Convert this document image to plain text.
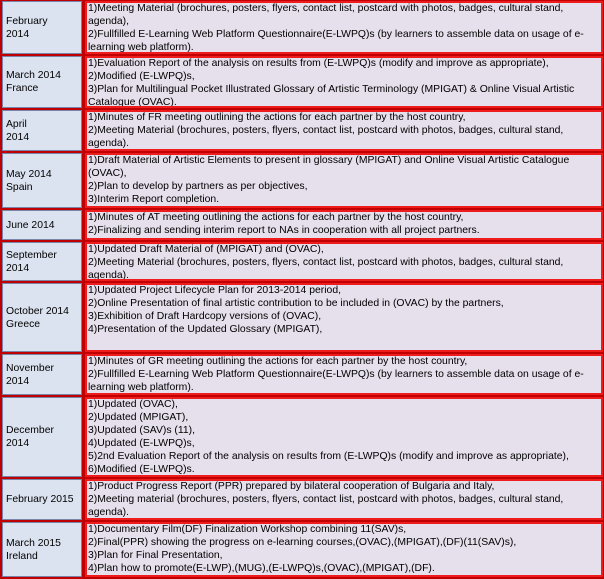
February
2014
1)Meeting Material (brochures, posters, flyers, contact list, postcard with photos, badges, cultural stand, agenda),
2)Fullfilled E-Learning Web Platform Questionnaire(E-LWPQ)s (by learners to assemble data on usage of e-learning web platform).
March 2014
France
1)Evaluation Report of the analysis on results from (E-LWPQ)s (modify and improve as appropriate),
2)Modified (E-LWPQ)s,
3)Plan for Multilingual Pocket Illustrated Glossary of Artistic Terminology (MPIGAT) & Online Visual Artistic Catalogue (OVAC).
April
2014
1)Minutes of FR meeting outlining the actions for each partner by the host country,
2)Meeting Material (brochures, posters, flyers, contact list, postcard with photos, badges, cultural stand, agenda).
May 2014
Spain
1)Draft Material of Artistic Elements to present in glossary (MPIGAT) and Online Visual Artistic Catalogue (OVAC),
2)Plan to develop by partners as per objectives,
3)Interim Report completion.
June 2014
1)Minutes of AT meeting outlining the actions for each partner by the host country,
2)Finalizing and sending interim report to NAs in cooperation with all project partners.
September 2014
1)Updated Draft Material of (MPIGAT) and (OVAC),
2)Meeting Material (brochures, posters, flyers, contact list, postcard with photos, badges, cultural stand, agenda).
October 2014
Greece
1)Updated Project Lifecycle Plan for 2013-2014 period,
2)Online Presentation of final artistic contribution to be included in (OVAC) by the partners,
3)Exhibition of Draft Hardcopy versions of (OVAC),
4)Presentation of the Updated Glossary (MPIGAT),
November 2014
1)Minutes of GR meeting outlining the actions for each partner by the host country,
2)Fullfilled E-Learning Web Platform Questionnaire(E-LWPQ)s (by learners to assemble data on usage of e-learning web platform).
December 2014
1)Updated (OVAC),
2)Updated (MPIGAT),
3)Updated (SAV)s (11),
4)Updated (E-LWPQ)s,
5)2nd Evaluation Report of the analysis on results from (E-LWPQ)s (modify and improve as appropriate),
6)Modified (E-LWPQ)s.
February 2015
1)Product Progress Report (PPR) prepared by bilateral cooperation of Bulgaria and Italy,
2)Meeting material (brochures, posters, flyers, contact list, postcard with photos, badges, cultural stand, agenda).
March 2015
Ireland
1)Documentary Film(DF) Finalization Workshop combining 11(SAV)s,
2)Final(PPR) showing the progress on e-learning courses,(OVAC),(MPIGAT),(DF)(11(SAV)s),
3)Plan for Final Presentation,
4)Plan how to promote(E-LWP),(MUG),(E-LWPQ)s,(OVAC),(MPIGAT),(DF).
